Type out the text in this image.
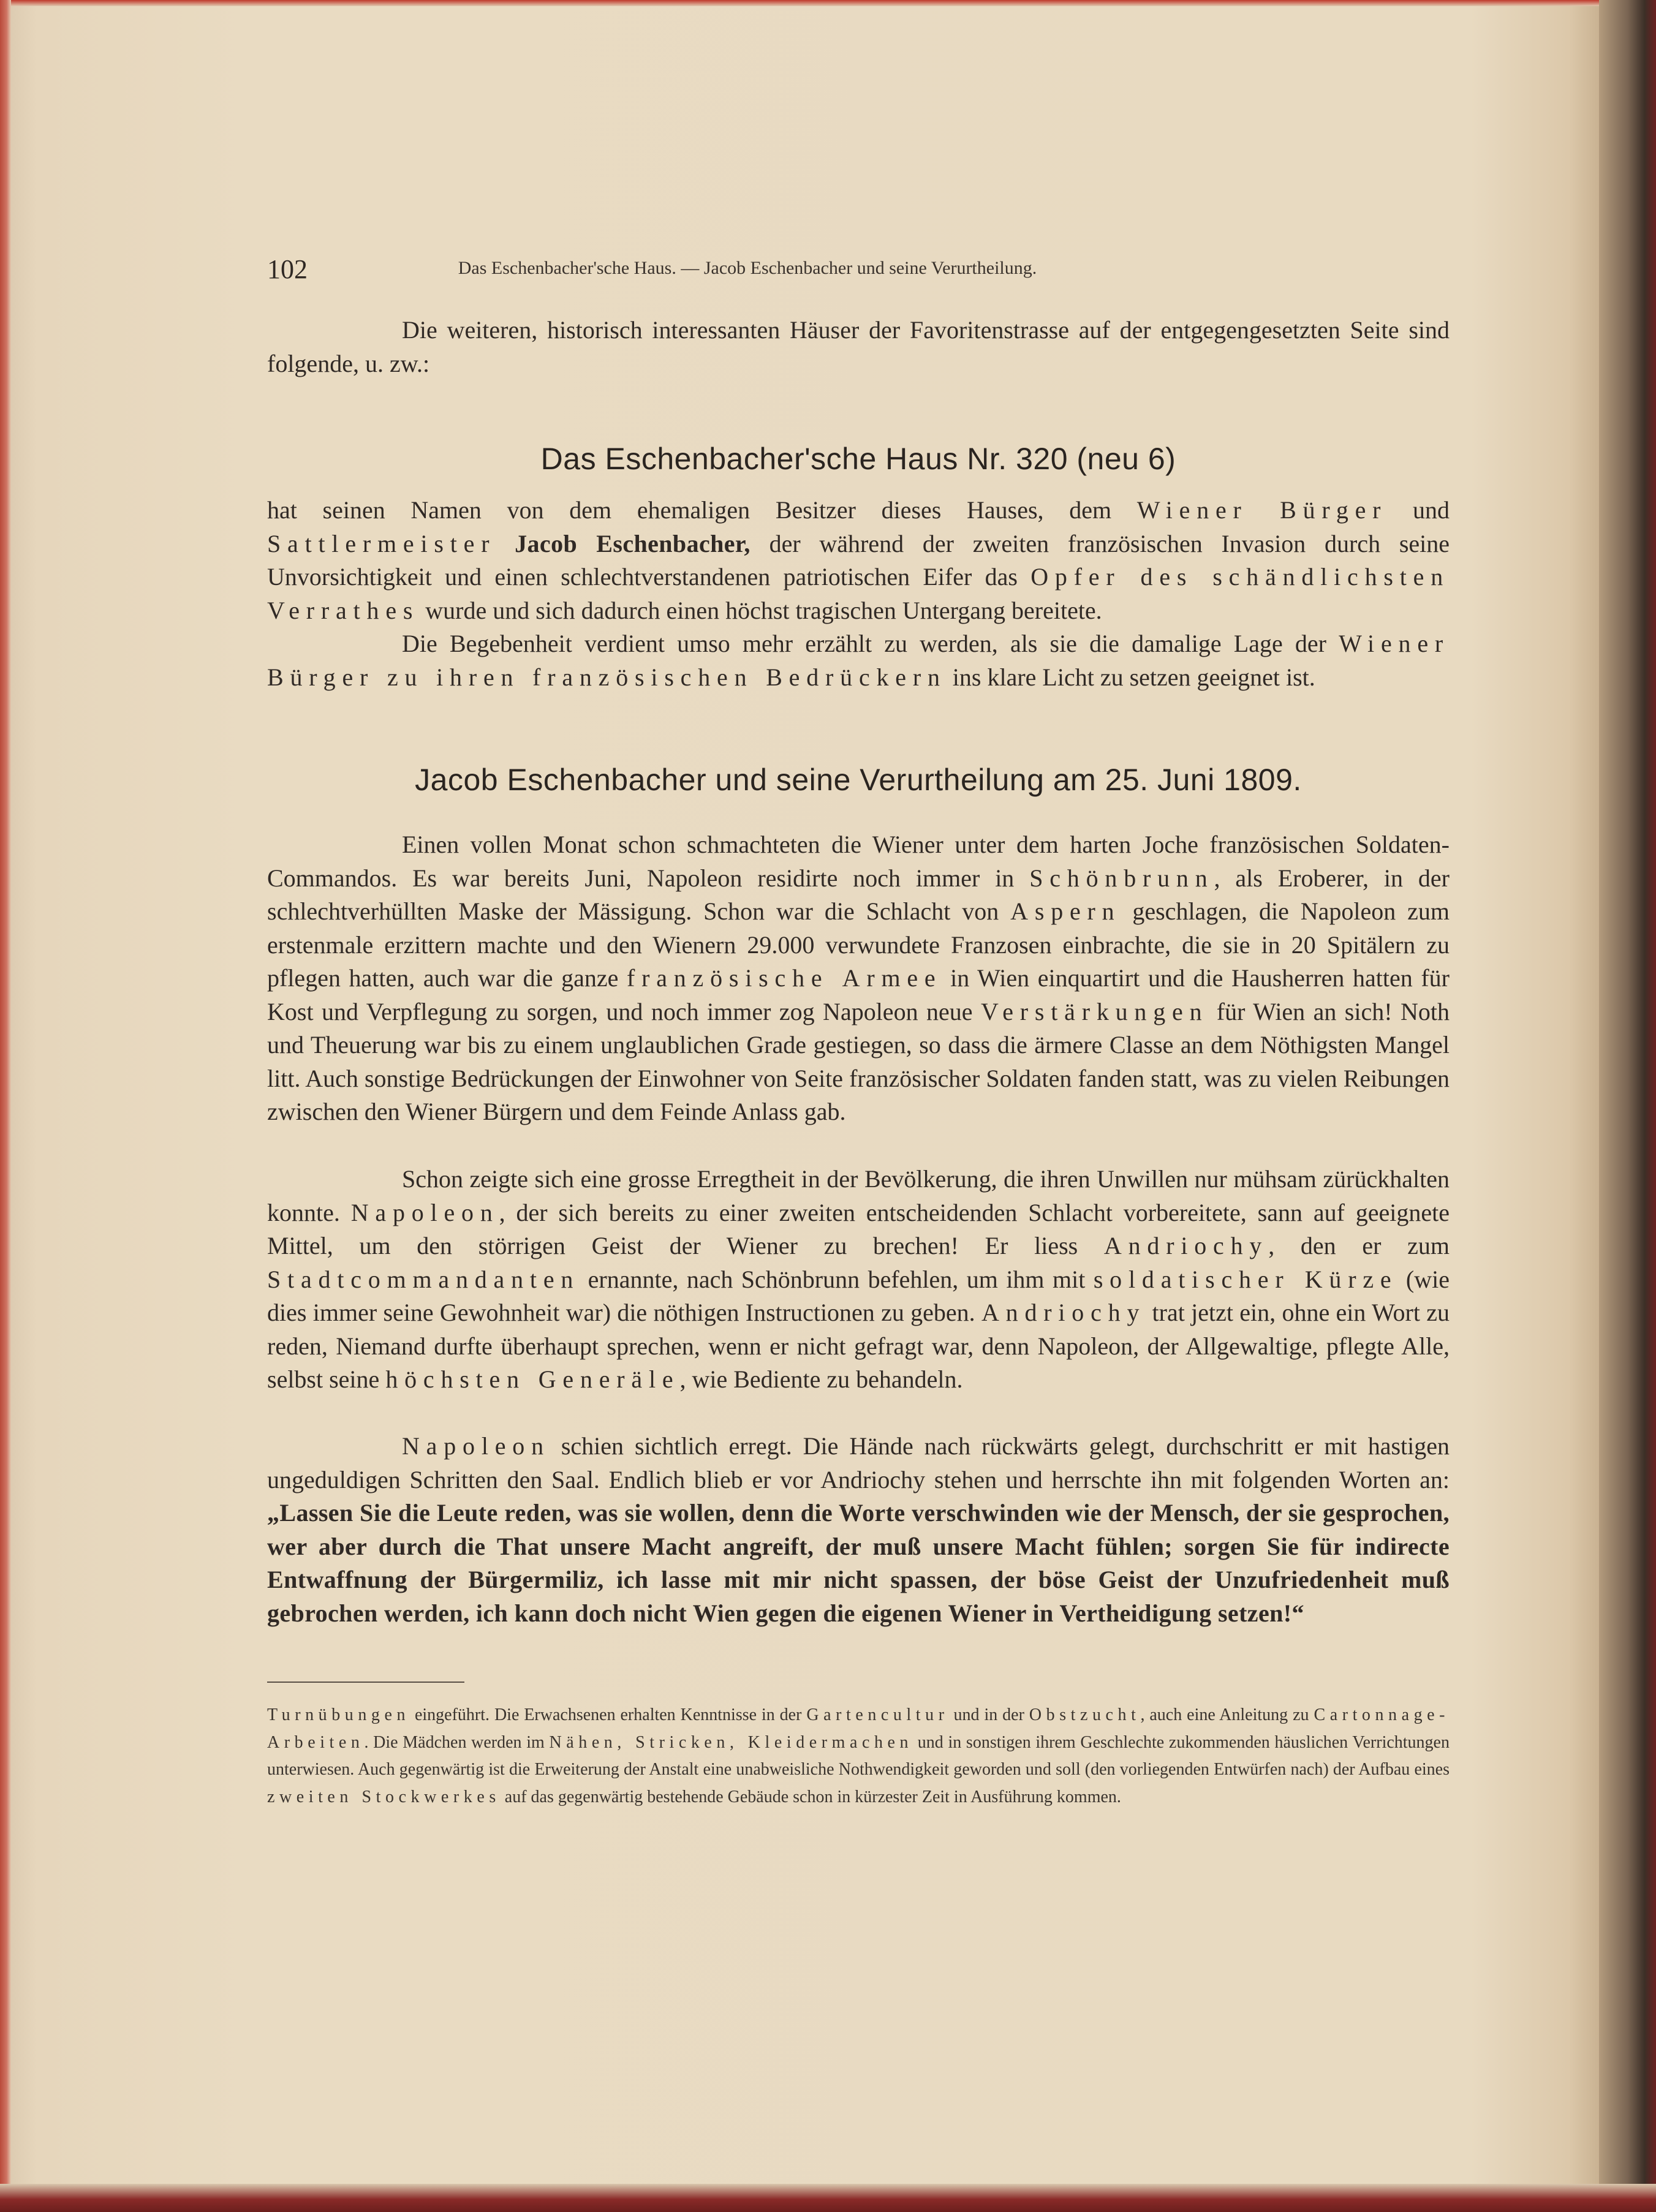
102	Das Eschenbacher'sche Haus. — Jacob Eschenbacher und seine Verurtheilung.

Die weiteren, historisch interessanten Häuser der Favoritenstrasse auf der entgegengesetzten Seite sind folgende, u. zw.:

Das Eschenbacher'sche Haus Nr. 320 (neu 6)

hat seinen Namen von dem ehemaligen Besitzer dieses Hauses, dem Wiener Bürger und Sattlermeister Jacob Eschenbacher, der während der zweiten französischen Invasion durch seine Unvorsichtigkeit und einen schlechtverstandenen patriotischen Eifer das Opfer des schändlichsten Verrathes wurde und sich dadurch einen höchst tragischen Untergang bereitete.

Die Begebenheit verdient umso mehr erzählt zu werden, als sie die damalige Lage der Wiener Bürger zu ihren französischen Bedrückern ins klare Licht zu setzen geeignet ist.

Jacob Eschenbacher und seine Verurtheilung am 25. Juni 1809.

Einen vollen Monat schon schmachteten die Wiener unter dem harten Joche französischen Soldaten-Commandos. Es war bereits Juni, Napoleon residirte noch immer in Schönbrunn, als Eroberer, in der schlechtverhüllten Maske der Mässigung. Schon war die Schlacht von Aspern geschlagen, die Napoleon zum erstenmale erzittern machte und den Wienern 29.000 verwundete Franzosen einbrachte, die sie in 20 Spitälern zu pflegen hatten, auch war die ganze französische Armee in Wien einquartirt und die Hausherren hatten für Kost und Verpflegung zu sorgen, und noch immer zog Napoleon neue Verstärkungen für Wien an sich! Noth und Theuerung war bis zu einem unglaublichen Grade gestiegen, so dass die ärmere Classe an dem Nöthigsten Mangel litt. Auch sonstige Bedrückungen der Einwohner von Seite französischer Soldaten fanden statt, was zu vielen Reibungen zwischen den Wiener Bürgern und dem Feinde Anlass gab.

Schon zeigte sich eine grosse Erregtheit in der Bevölkerung, die ihren Unwillen nur mühsam zürückhalten konnte. Napoleon, der sich bereits zu einer zweiten entscheidenden Schlacht vorbereitete, sann auf geeignete Mittel, um den störrigen Geist der Wiener zu brechen! Er liess Andriochy, den er zum Stadtcommandanten ernannte, nach Schönbrunn befehlen, um ihm mit soldatischer Kürze (wie dies immer seine Gewohnheit war) die nöthigen Instructionen zu geben. Andriochy trat jetzt ein, ohne ein Wort zu reden, Niemand durfte überhaupt sprechen, wenn er nicht gefragt war, denn Napoleon, der Allgewaltige, pflegte Alle, selbst seine höchsten Generäle, wie Bediente zu behandeln.

Napoleon schien sichtlich erregt. Die Hände nach rückwärts gelegt, durchschritt er mit hastigen ungeduldigen Schritten den Saal. Endlich blieb er vor Andriochy stehen und herrschte ihn mit folgenden Worten an: „Lassen Sie die Leute reden, was sie wollen, denn die Worte verschwinden wie der Mensch, der sie gesprochen, wer aber durch die That unsere Macht angreift, der muß unsere Macht fühlen; sorgen Sie für indirecte Entwaffnung der Bürgermiliz, ich lasse mit mir nicht spassen, der böse Geist der Unzufriedenheit muß gebrochen werden, ich kann doch nicht Wien gegen die eigenen Wiener in Vertheidigung setzen!“

Turnübungen eingeführt. Die Erwachsenen erhalten Kenntnisse in der Gartencultur und in der Obstzucht, auch eine Anleitung zu Cartonnage-Arbeiten. Die Mädchen werden im Nähen, Stricken, Kleidermachen und in sonstigen ihrem Geschlechte zukommenden häuslichen Verrichtungen unterwiesen. Auch gegenwärtig ist die Erweiterung der Anstalt eine unabweisliche Nothwendigkeit geworden und soll (den vorliegenden Entwürfen nach) der Aufbau eines zweiten Stockwerkes auf das gegenwärtig bestehende Gebäude schon in kürzester Zeit in Ausführung kommen.
